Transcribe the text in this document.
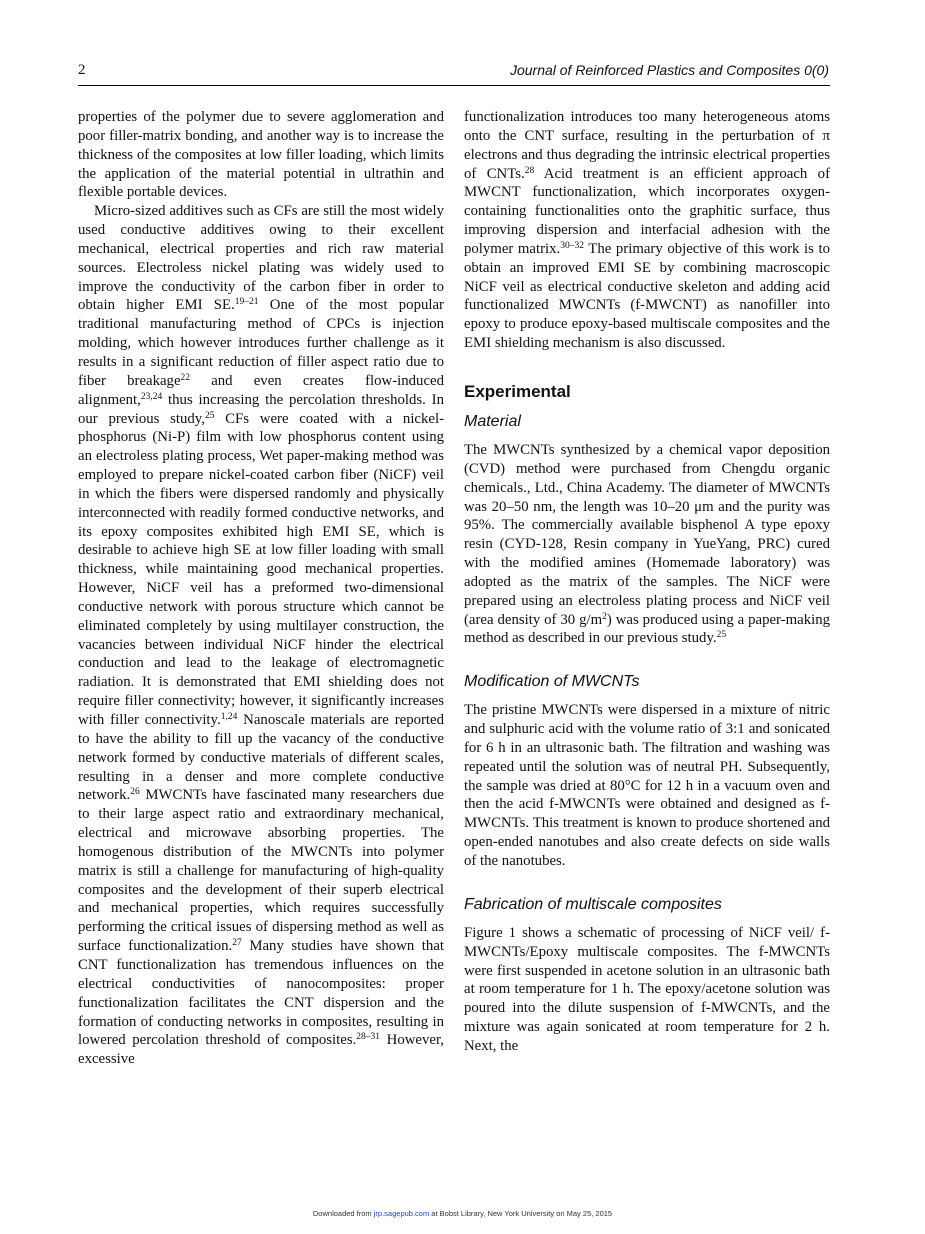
2	Journal of Reinforced Plastics and Composites 0(0)

properties of the polymer due to severe agglomeration and poor filler-matrix bonding, and another way is to increase the thickness of the composites at low filler loading, which limits the application of the material potential in ultrathin and flexible portable devices.

Micro-sized additives such as CFs are still the most widely used conductive additives owing to their excellent mechanical, electrical properties and rich raw material sources. Electroless nickel plating was widely used to improve the conductivity of the carbon fiber in order to obtain higher EMI SE.$^{19-21}$ One of the most popular traditional manufacturing method of CPCs is injection molding, which however introduces further challenge as it results in a significant reduction of filler aspect ratio due to fiber breakage$^{22}$ and even creates flow-induced alignment,$^{23,24}$ thus increasing the percolation thresholds. In our previous study,$^{25}$ CFs were coated with a nickel-phosphorus (Ni-P) film with low phosphorus content using an electroless plating process, Wet paper-making method was employed to prepare nickel-coated carbon fiber (NiCF) veil in which the fibers were dispersed randomly and physically interconnected with readily formed conductive networks, and its epoxy composites exhibited high EMI SE, which is desirable to achieve high SE at low filler loading with small thickness, while maintaining good mechanical properties. However, NiCF veil has a preformed two-dimensional conductive network with porous structure which cannot be eliminated completely by using multilayer construction, the vacancies between individual NiCF hinder the electrical conduction and lead to the leakage of electromagnetic radiation. It is demonstrated that EMI shielding does not require filler connectivity; however, it significantly increases with filler connectivity.$^{1,24}$ Nanoscale materials are reported to have the ability to fill up the vacancy of the conductive network formed by conductive materials of different scales, resulting in a denser and more complete conductive network.$^{26}$ MWCNTs have fascinated many researchers due to their large aspect ratio and extraordinary mechanical, electrical and microwave absorbing properties. The homogenous distribution of the MWCNTs into polymer matrix is still a challenge for manufacturing of high-quality composites and the development of their superb electrical and mechanical properties, which requires successfully performing the critical issues of dispersing method as well as surface functionalization.$^{27}$ Many studies have shown that CNT functionalization has tremendous influences on the electrical conductivities of nanocomposites: proper functionalization facilitates the CNT dispersion and the formation of conducting networks in composites, resulting in lowered percolation threshold of composites.$^{28-31}$ However, excessive

functionalization introduces too many heterogeneous atoms onto the CNT surface, resulting in the perturbation of π electrons and thus degrading the intrinsic electrical properties of CNTs.$^{28}$ Acid treatment is an efficient approach of MWCNT functionalization, which incorporates oxygen-containing functionalities onto the graphitic surface, thus improving dispersion and interfacial adhesion with the polymer matrix.$^{30-32}$ The primary objective of this work is to obtain an improved EMI SE by combining macroscopic NiCF veil as electrical conductive skeleton and adding acid functionalized MWCNTs (f-MWCNT) as nanofiller into epoxy to produce epoxy-based multiscale composites and the EMI shielding mechanism is also discussed.

Experimental
Material

The MWCNTs synthesized by a chemical vapor deposition (CVD) method were purchased from Chengdu organic chemicals., Ltd., China Academy. The diameter of MWCNTs was 20–50 nm, the length was 10–20 μm and the purity was 95%. The commercially available bisphenol A type epoxy resin (CYD-128, Resin company in YueYang, PRC) cured with the modified amines (Homemade laboratory) was adopted as the matrix of the samples. The NiCF were prepared using an electroless plating process and NiCF veil (area density of 30 $g/m^2$) was produced using a paper-making method as described in our previous study.$^{25}$

Modification of MWCNTs

The pristine MWCNTs were dispersed in a mixture of nitric and sulphuric acid with the volume ratio of 3:1 and sonicated for 6 h in an ultrasonic bath. The filtration and washing was repeated until the solution was of neutral PH. Subsequently, the sample was dried at 80°C for 12 h in a vacuum oven and then the acid f-MWCNTs were obtained and designed as f-MWCNTs. This treatment is known to produce shortened and open-ended nanotubes and also create defects on side walls of the nanotubes.

Fabrication of multiscale composites

Figure 1 shows a schematic of processing of NiCF veil/ f-MWCNTs/Epoxy multiscale composites. The f-MWCNTs were first suspended in acetone solution in an ultrasonic bath at room temperature for 1 h. The epoxy/acetone solution was poured into the dilute suspension of f-MWCNTs, and the mixture was again sonicated at room temperature for 2 h. Next, the

Downloaded from jrp.sagepub.com at Bobst Library, New York University on May 25, 2015
